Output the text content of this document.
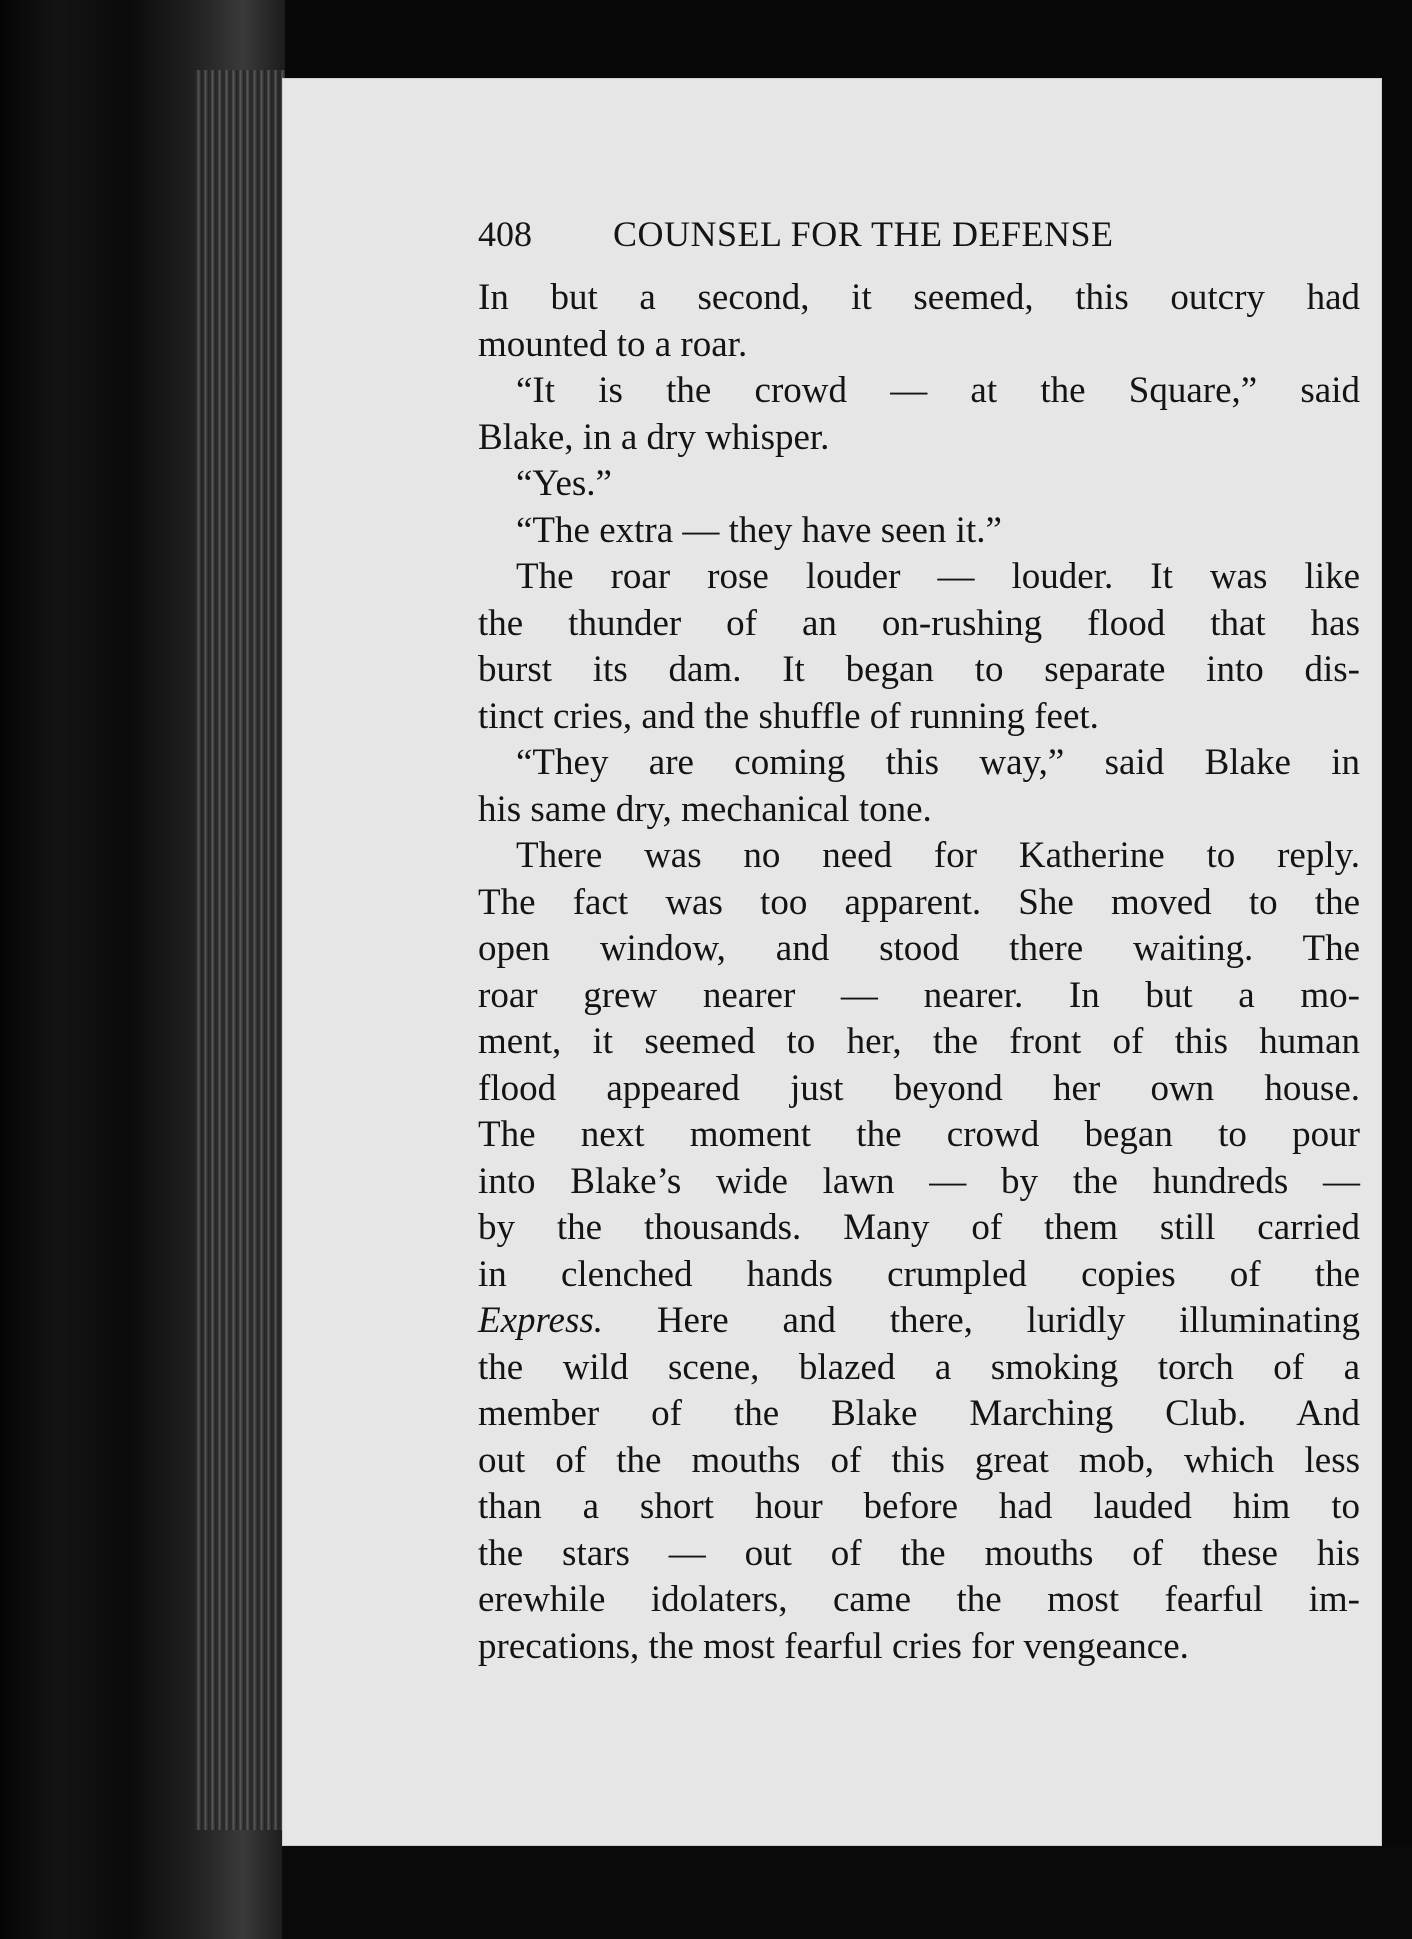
408 COUNSEL FOR THE DEFENSE
In but a second, it seemed, this outcry had
mounted to a roar.
“It is the crowd — at the Square,” said
Blake, in a dry whisper.
“Yes.”
“The extra — they have seen it.”
The roar rose louder — louder. It was like
the thunder of an on-rushing flood that has
burst its dam. It began to separate into dis-
tinct cries, and the shuffle of running feet.
“They are coming this way,” said Blake in
his same dry, mechanical tone.
There was no need for Katherine to reply.
The fact was too apparent. She moved to the
open window, and stood there waiting. The
roar grew nearer — nearer. In but a mo-
ment, it seemed to her, the front of this human
flood appeared just beyond her own house.
The next moment the crowd began to pour
into Blake’s wide lawn — by the hundreds —
by the thousands. Many of them still carried
in clenched hands crumpled copies of the
Express. Here and there, luridly illuminating
the wild scene, blazed a smoking torch of a
member of the Blake Marching Club. And
out of the mouths of this great mob, which less
than a short hour before had lauded him to
the stars — out of the mouths of these his
erewhile idolaters, came the most fearful im-
precations, the most fearful cries for vengeance.
